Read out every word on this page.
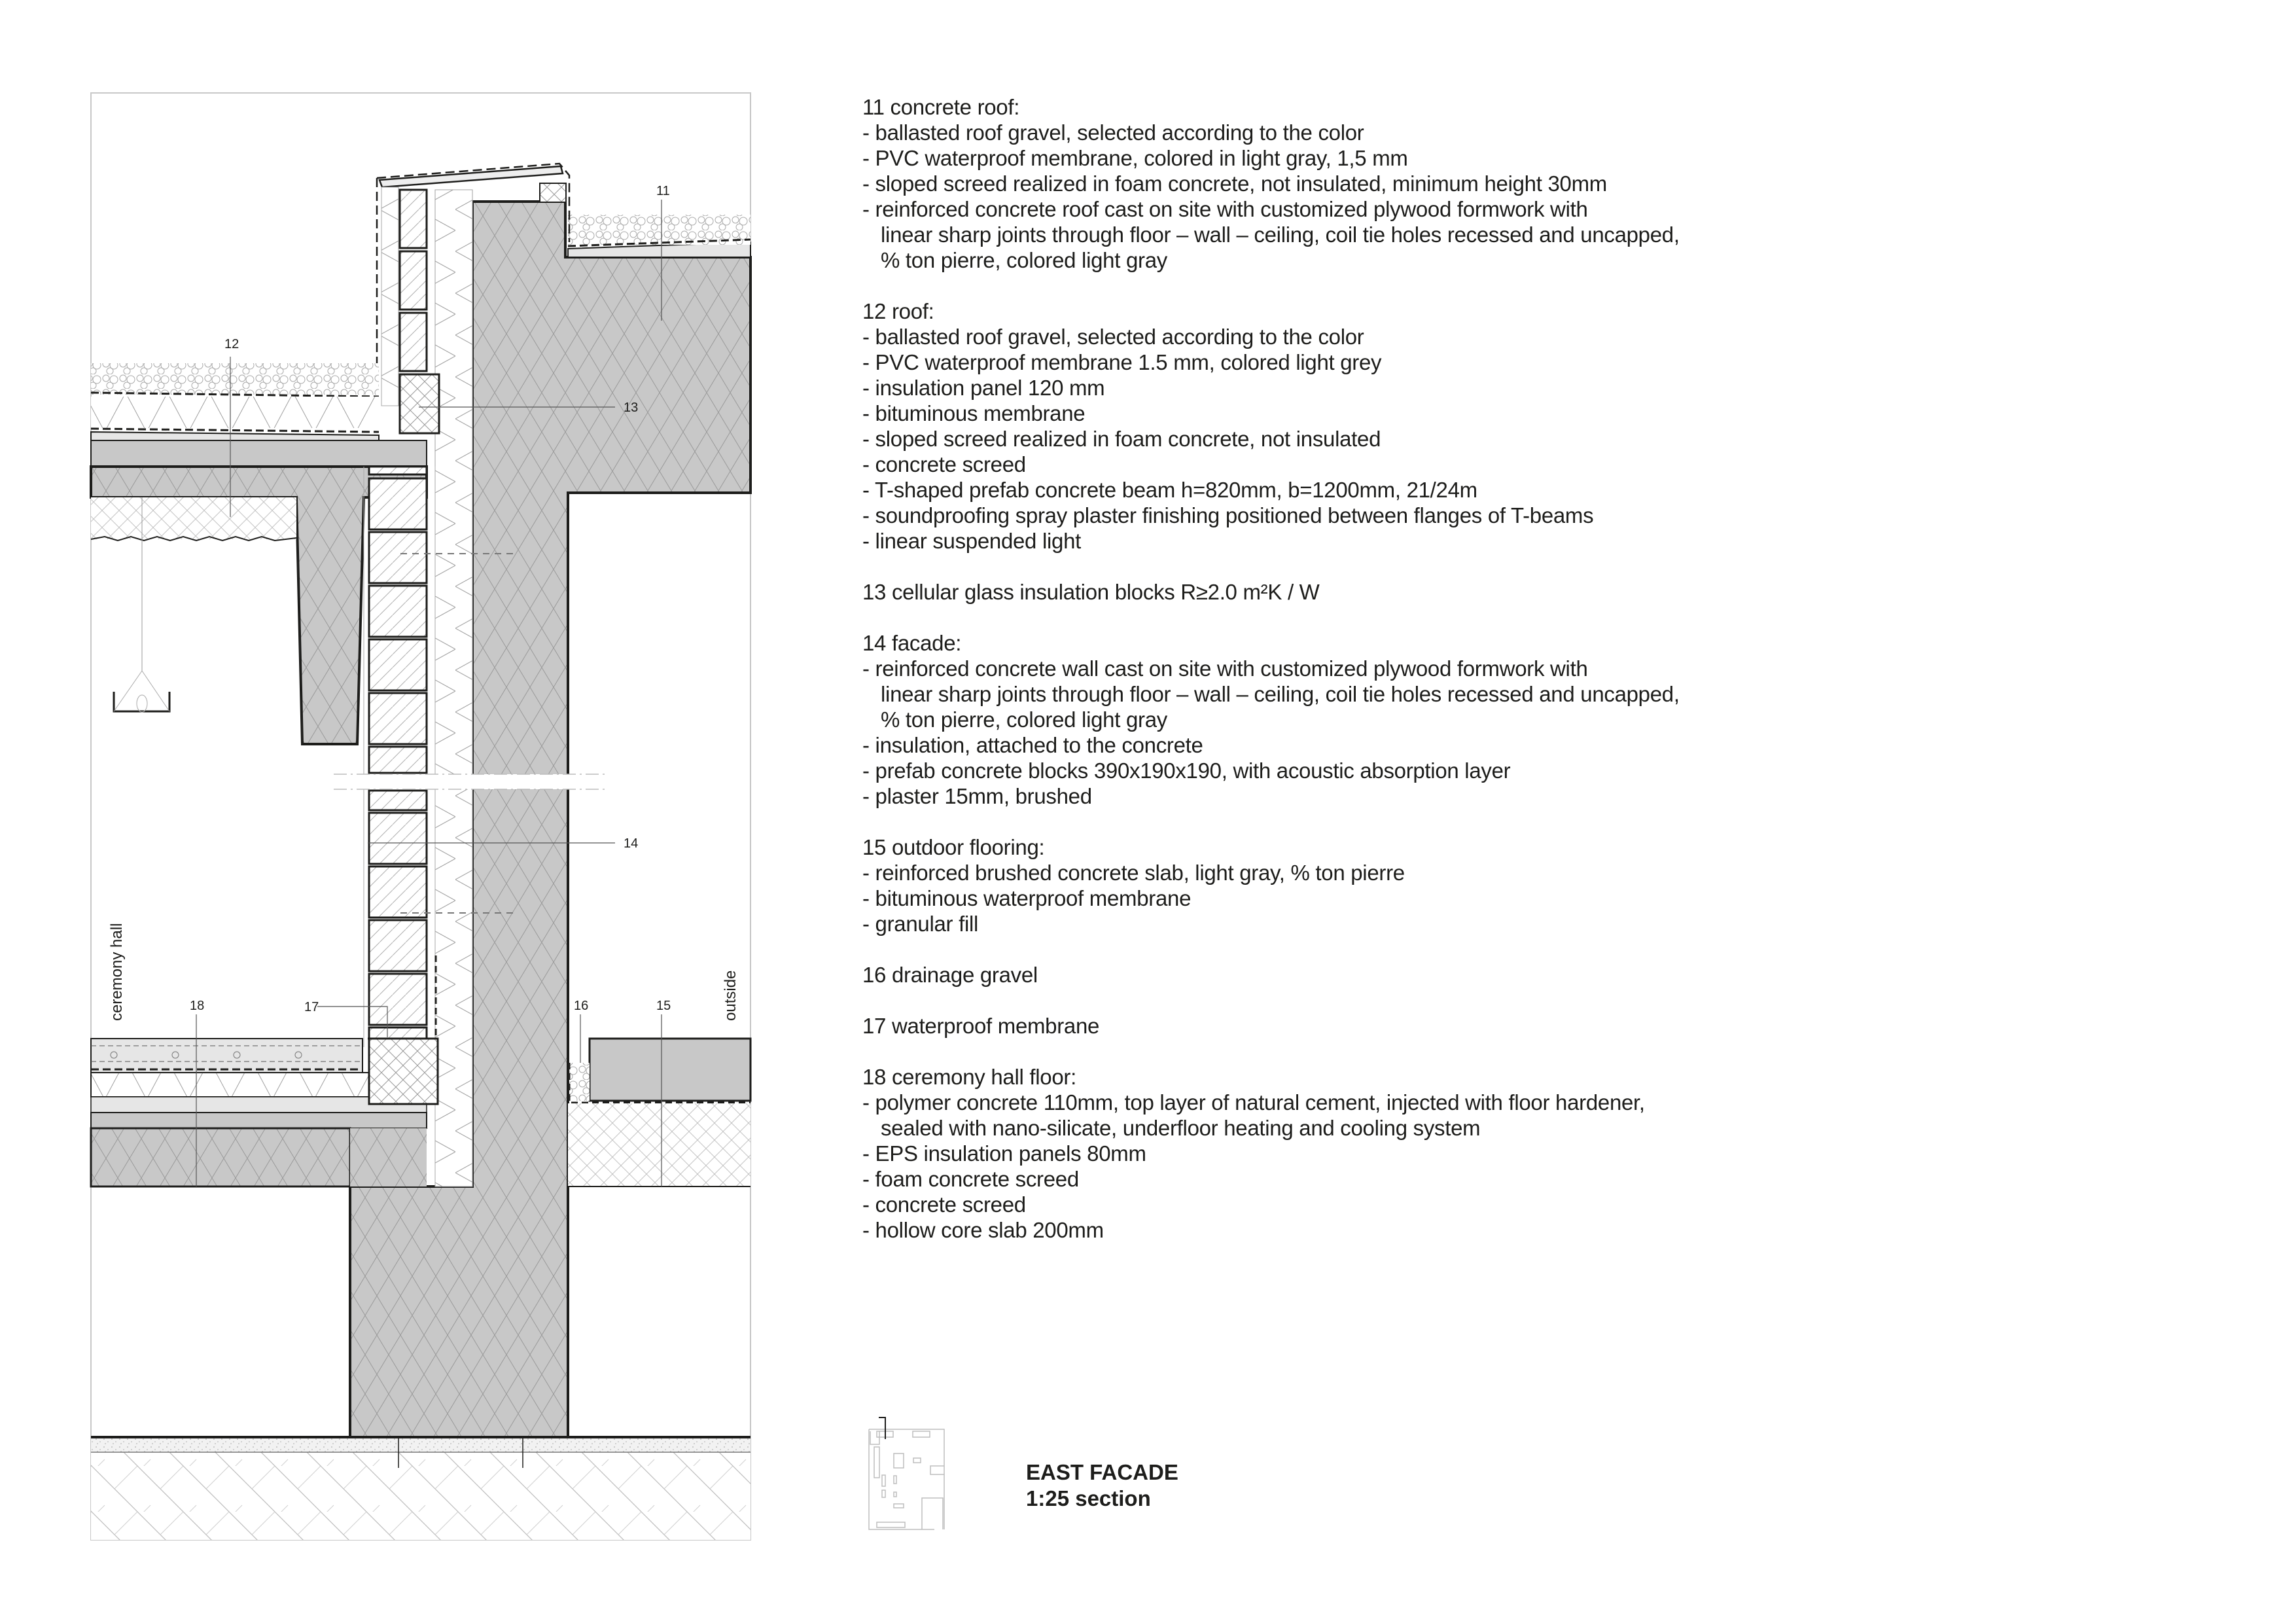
11
12
13
14
15
16
17
18
ceremony hall	outside
11 concrete roof:
- ballasted roof gravel, selected according to the color
- PVC waterproof membrane, colored in light gray, 1,5 mm
- sloped screed realized in foam concrete, not insulated, minimum height 30mm
- reinforced concrete roof cast on site with customized plywood formwork with
linear sharp joints through floor – wall – ceiling, coil tie holes recessed and uncapped,
% ton pierre, colored light gray
12 roof:
- ballasted roof gravel, selected according to the color
- PVC waterproof membrane 1.5 mm, colored light grey
- insulation panel 120 mm
- bituminous membrane
- sloped screed realized in foam concrete, not insulated
- concrete screed
- T-shaped prefab concrete beam h=820mm, b=1200mm, 21/24m
- soundproofing spray plaster finishing positioned between flanges of T-beams
- linear suspended light
13 cellular glass insulation blocks R≥2.0 m²K / W
14 facade:
- reinforced concrete wall cast on site with customized plywood formwork with
linear sharp joints through floor – wall – ceiling, coil tie holes recessed and uncapped,
% ton pierre, colored light gray
- insulation, attached to the concrete
- prefab concrete blocks 390x190x190, with acoustic absorption layer
- plaster 15mm, brushed
15 outdoor flooring:
- reinforced brushed concrete slab, light gray, % ton pierre
- bituminous waterproof membrane
- granular fill
16 drainage gravel
17 waterproof membrane
18 ceremony hall floor:
- polymer concrete 110mm, top layer of natural cement, injected with floor hardener,
sealed with nano-silicate, underfloor heating and cooling system
- EPS insulation panels 80mm
- foam concrete screed
- concrete screed
- hollow core slab 200mm
EAST FACADE
1:25 section
